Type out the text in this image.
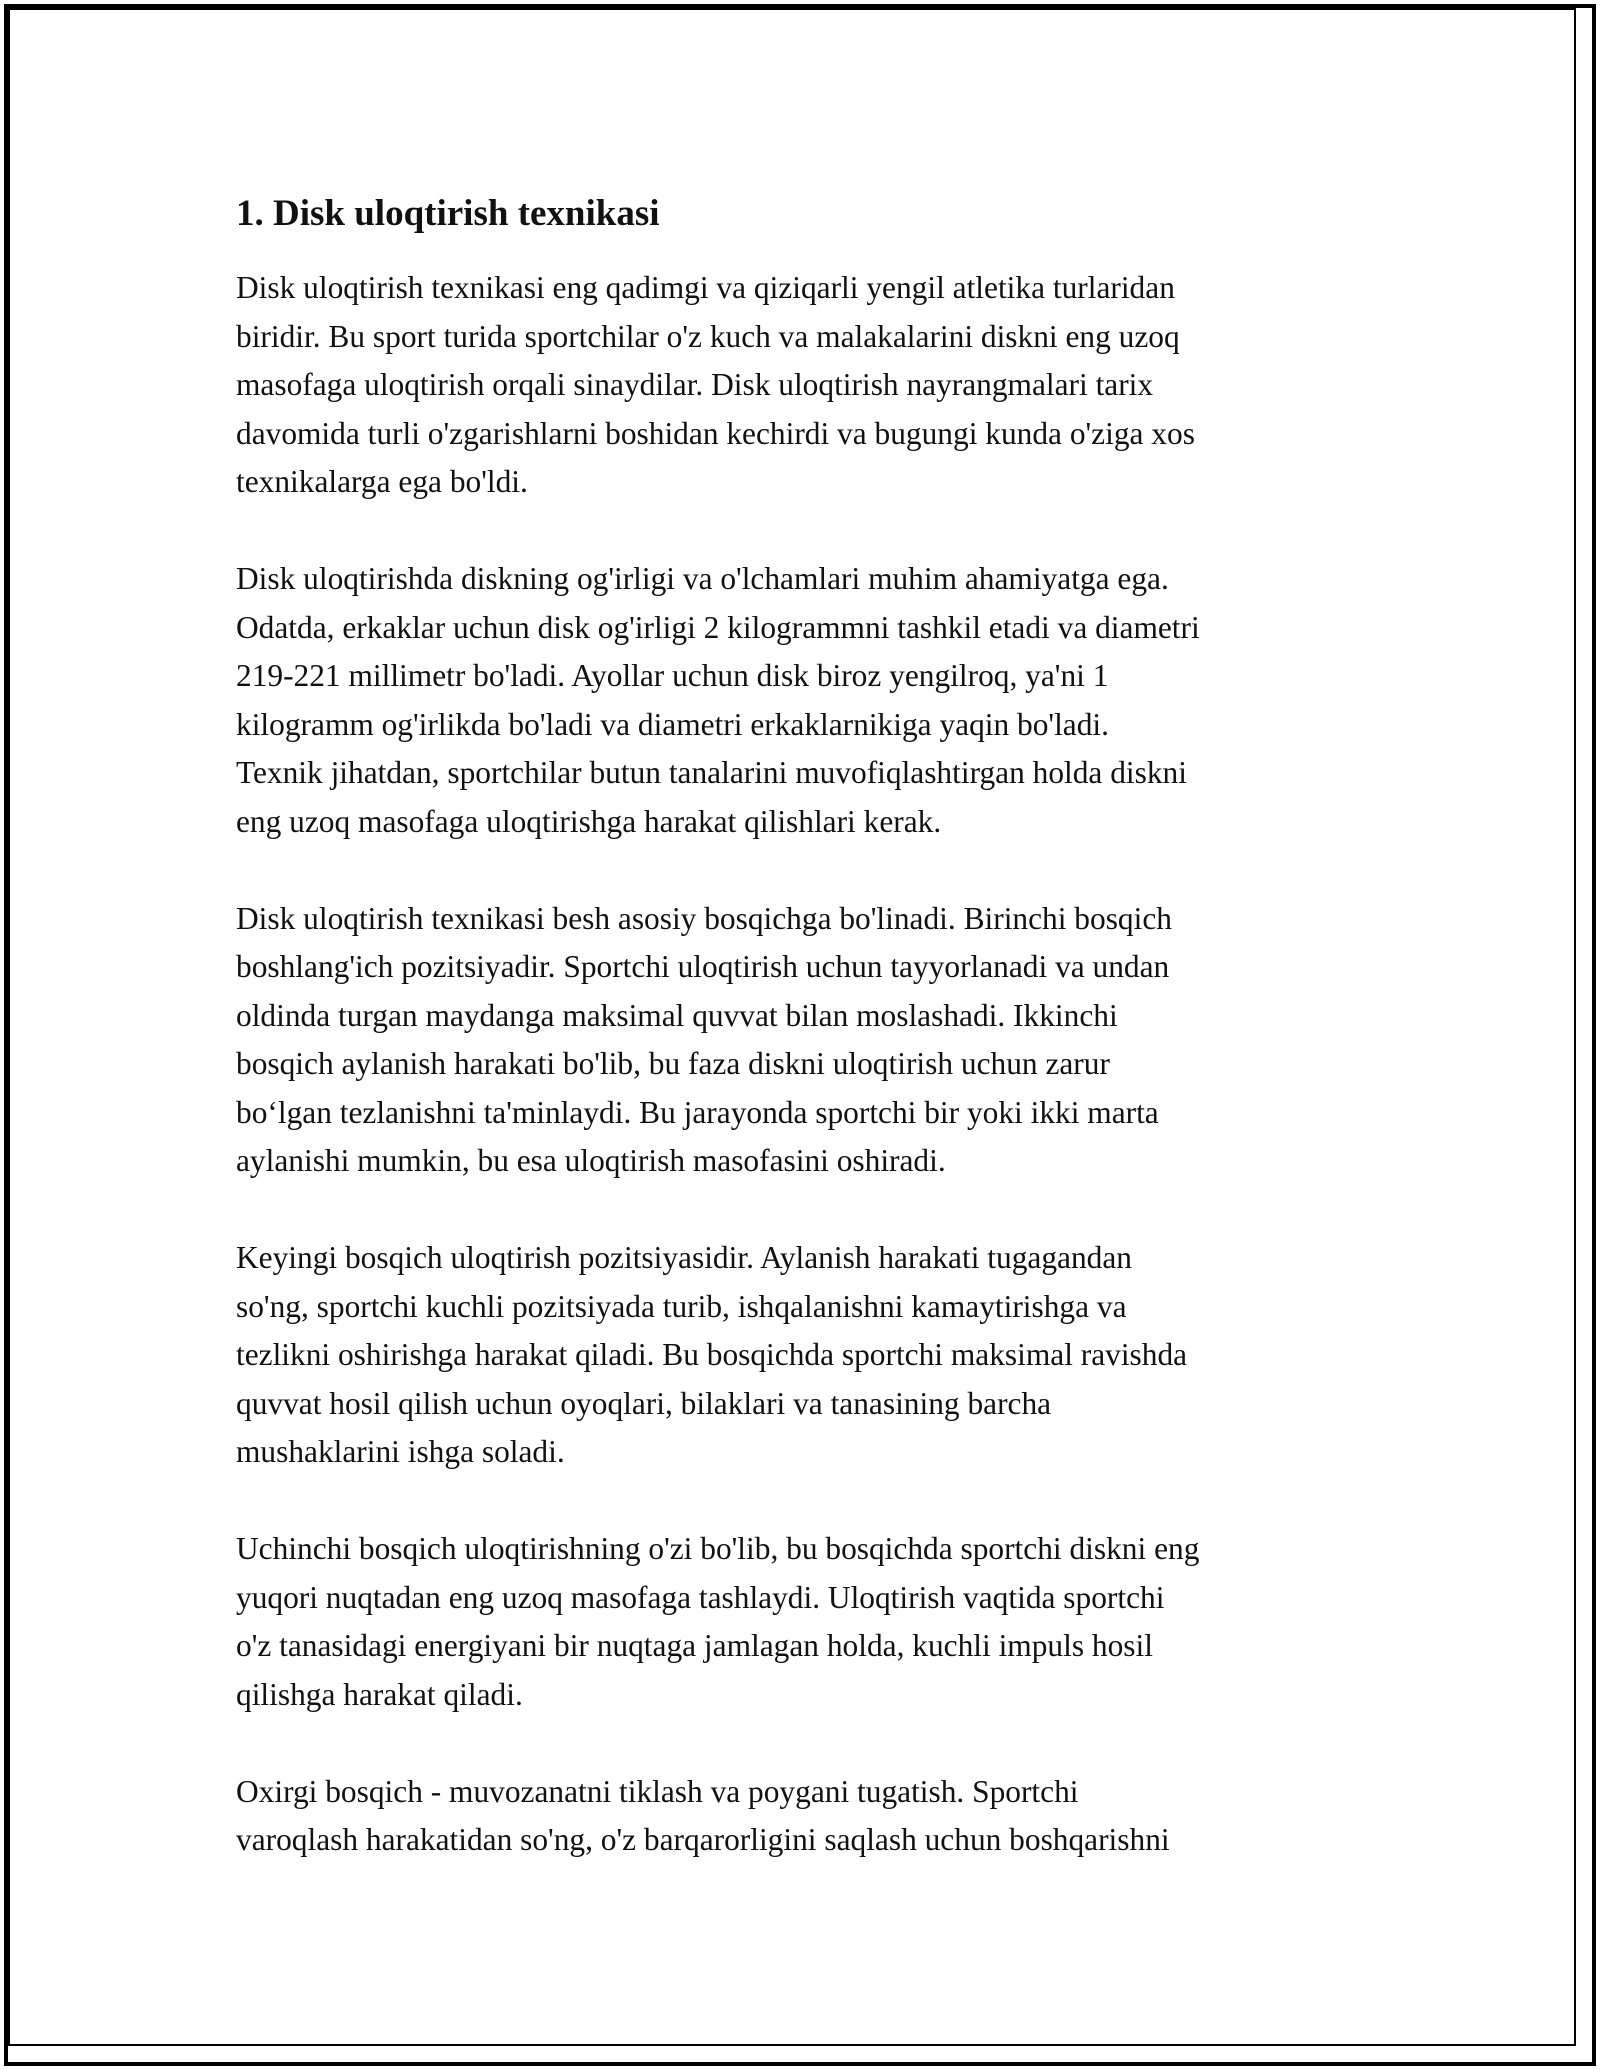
1. Disk uloqtirish texnikasi

Disk uloqtirish texnikasi eng qadimgi va qiziqarli yengil atletika turlaridan
biridir. Bu sport turida sportchilar o'z kuch va malakalarini diskni eng uzoq
masofaga uloqtirish orqali sinaydilar. Disk uloqtirish nayrangmalari tarix
davomida turli o'zgarishlarni boshidan kechirdi va bugungi kunda o'ziga xos
texnikalarga ega bo'ldi.

Disk uloqtirishda diskning og'irligi va o'lchamlari muhim ahamiyatga ega.
Odatda, erkaklar uchun disk og'irligi 2 kilogrammni tashkil etadi va diametri
219-221 millimetr bo'ladi. Ayollar uchun disk biroz yengilroq, ya'ni 1
kilogramm og'irlikda bo'ladi va diametri erkaklarnikiga yaqin bo'ladi.
Texnik jihatdan, sportchilar butun tanalarini muvofiqlashtirgan holda diskni
eng uzoq masofaga uloqtirishga harakat qilishlari kerak.

Disk uloqtirish texnikasi besh asosiy bosqichga bo'linadi. Birinchi bosqich
boshlang'ich pozitsiyadir. Sportchi uloqtirish uchun tayyorlanadi va undan
oldinda turgan maydanga maksimal quvvat bilan moslashadi. Ikkinchi
bosqich aylanish harakati bo'lib, bu faza diskni uloqtirish uchun zarur
bo‘lgan tezlanishni ta'minlaydi. Bu jarayonda sportchi bir yoki ikki marta
aylanishi mumkin, bu esa uloqtirish masofasini oshiradi.

Keyingi bosqich uloqtirish pozitsiyasidir. Aylanish harakati tugagandan
so'ng, sportchi kuchli pozitsiyada turib, ishqalanishni kamaytirishga va
tezlikni oshirishga harakat qiladi. Bu bosqichda sportchi maksimal ravishda
quvvat hosil qilish uchun oyoqlari, bilaklari va tanasining barcha
mushaklarini ishga soladi.

Uchinchi bosqich uloqtirishning o'zi bo'lib, bu bosqichda sportchi diskni eng
yuqori nuqtadan eng uzoq masofaga tashlaydi. Uloqtirish vaqtida sportchi
o'z tanasidagi energiyani bir nuqtaga jamlagan holda, kuchli impuls hosil
qilishga harakat qiladi.

Oxirgi bosqich - muvozanatni tiklash va poygani tugatish. Sportchi
varoqlash harakatidan so'ng, o'z barqarorligini saqlash uchun boshqarishni
